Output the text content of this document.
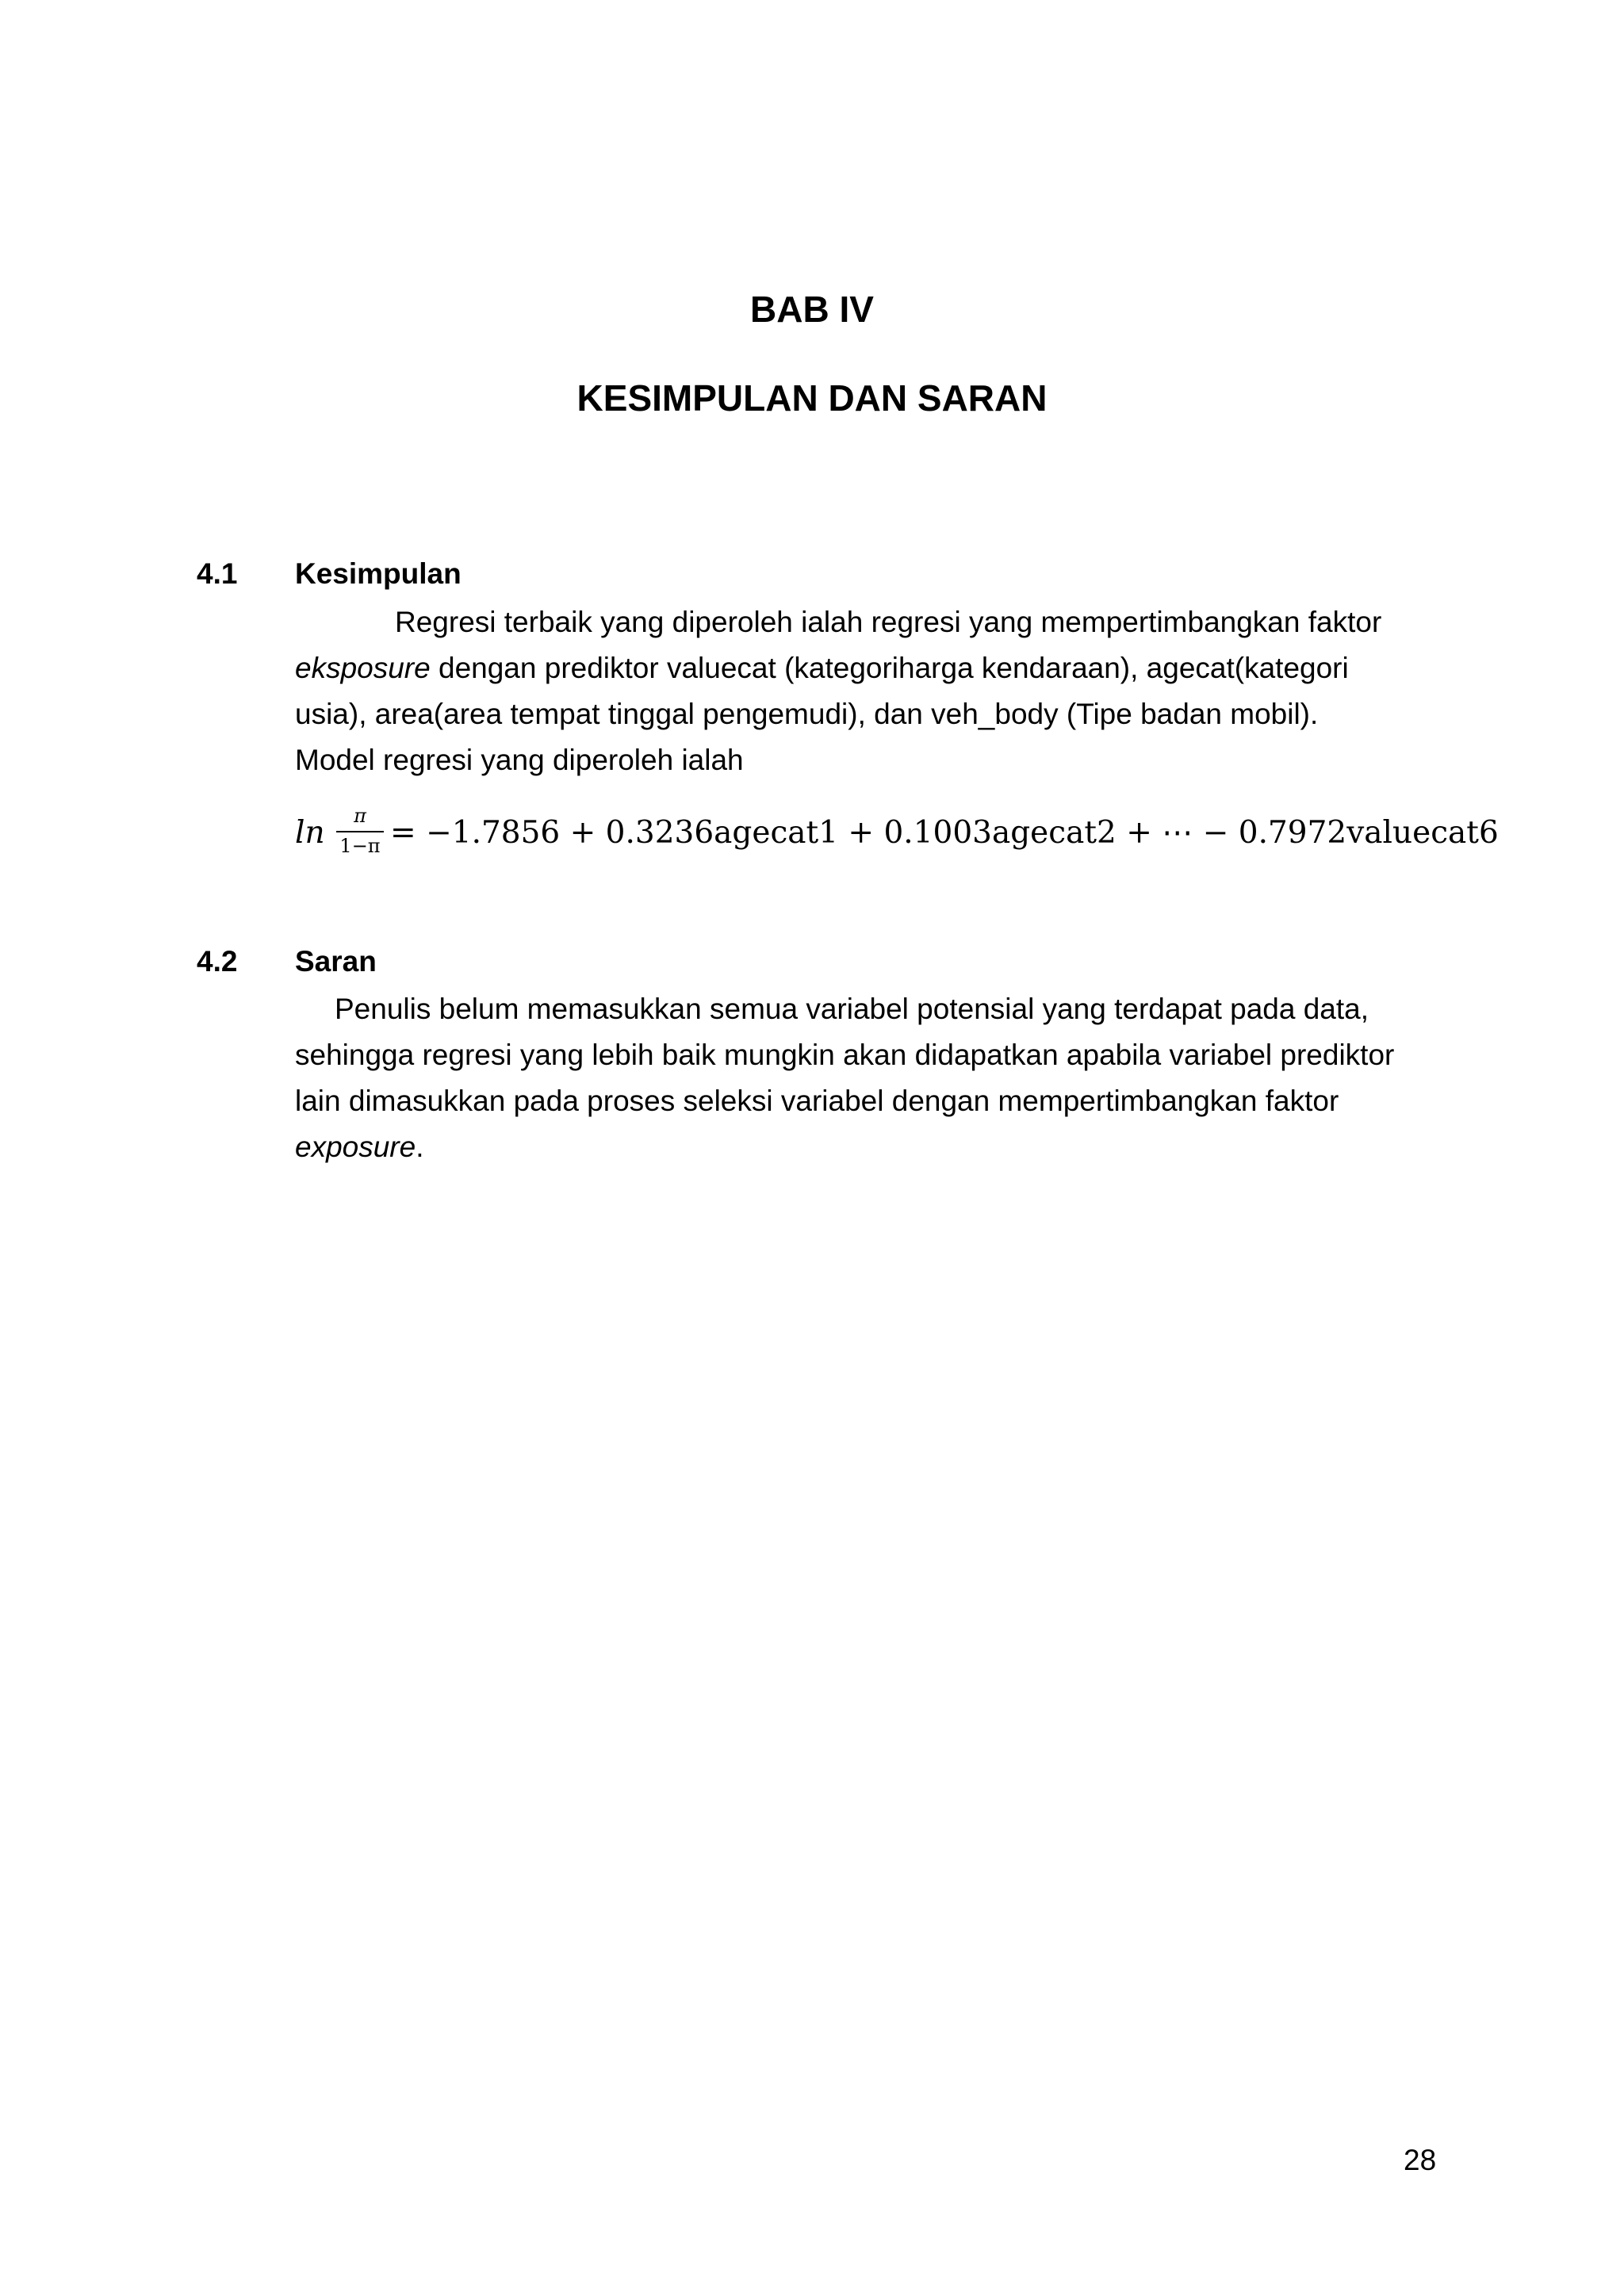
BAB IV
KESIMPULAN DAN SARAN
4.1 Kesimpulan
Regresi terbaik yang diperoleh ialah regresi yang mempertimbangkan faktor
eksposure dengan prediktor valuecat (kategoriharga kendaraan), agecat(kategori
usia), area(area tempat tinggal pengemudi), dan veh_body (Tipe badan mobil).
Model regresi yang diperoleh ialah
ln	π
1−π = −1.7856 + 0.3236agecat1 + 0.1003agecat2 + ⋯ − 0.7972valuecat6
4.2 Saran
Penulis belum memasukkan semua variabel potensial yang terdapat pada data,
sehingga regresi yang lebih baik mungkin akan didapatkan apabila variabel prediktor
lain dimasukkan pada proses seleksi variabel dengan mempertimbangkan faktor
exposure.
28
